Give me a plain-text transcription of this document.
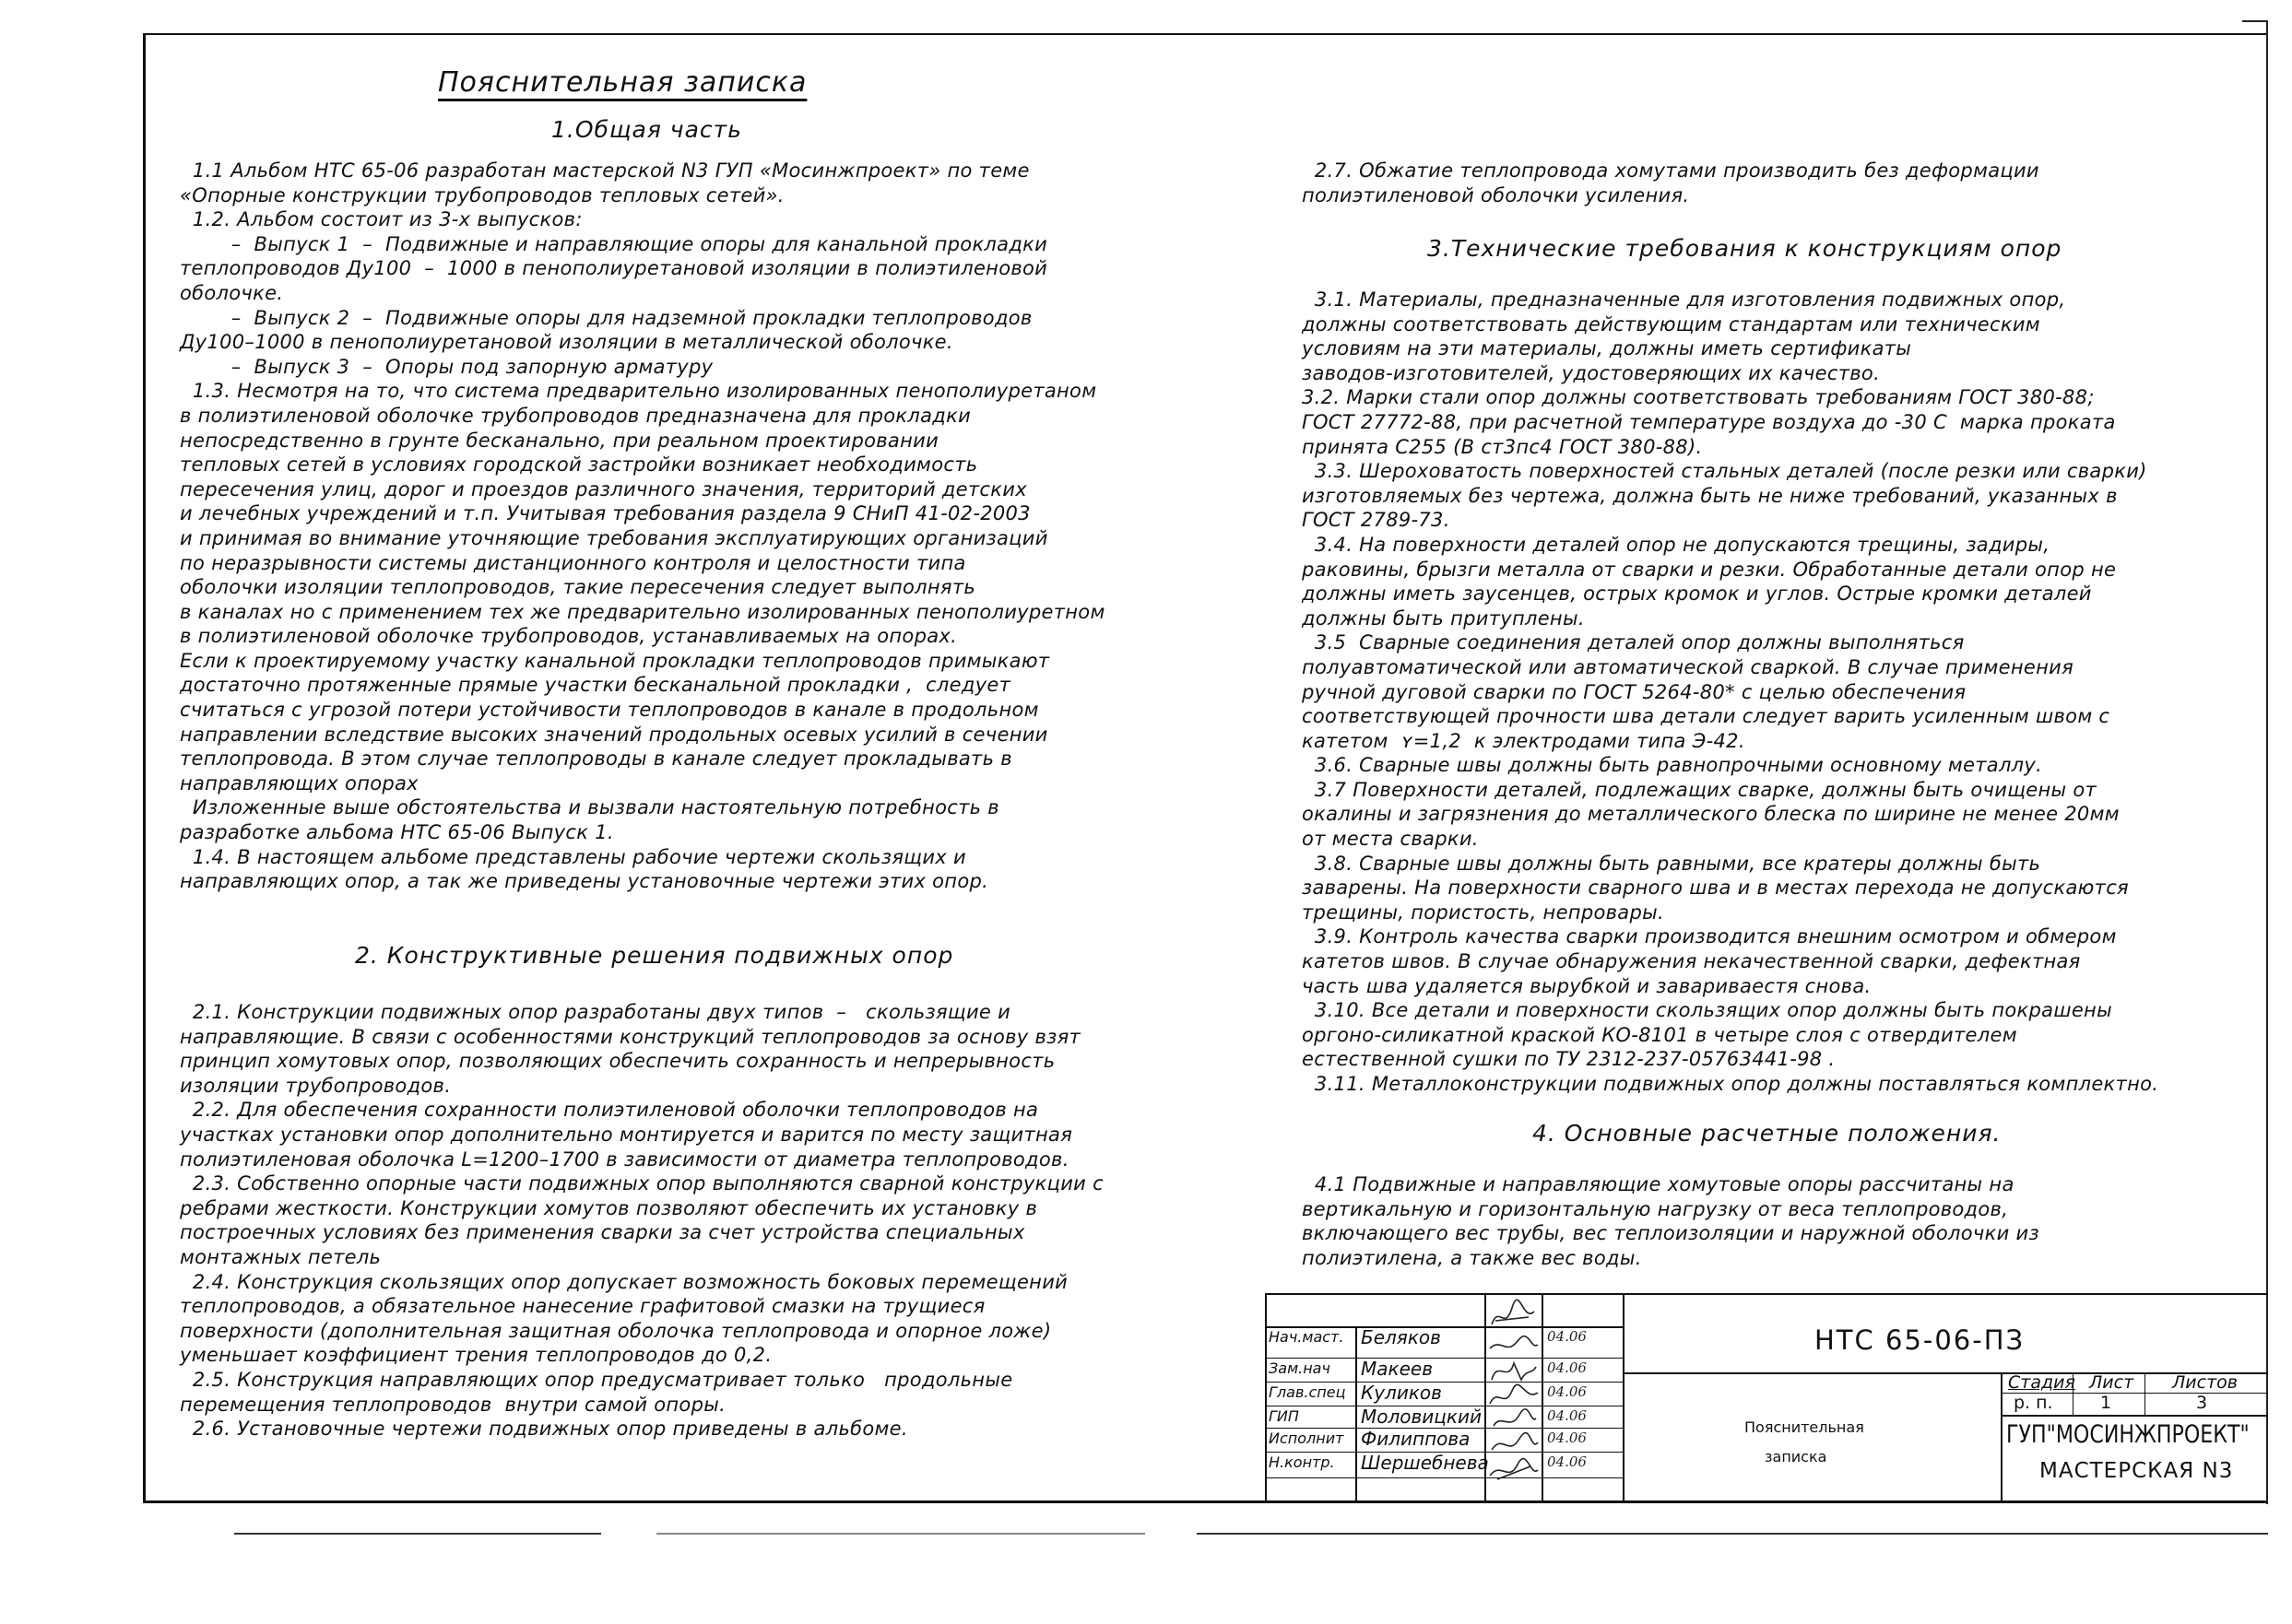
Пояснительная записка
1.Общая часть

1.1 Альбом НТС 65-06 разработан мастерской N3 ГУП «Мосинжпроект» по теме

«Опорные конструкции трубопроводов тепловых сетей».

1.2. Альбом состоит из 3-х выпусков:

–  Выпуск 1  –  Подвижные и направляющие опоры для канальной прокладки

теплопроводов Ду100  –  1000 в пенополиуретановой изоляции в полиэтиленовой

оболочке.

–  Выпуск 2  –  Подвижные опоры для надземной прокладки теплопроводов

Ду100–1000 в пенополиуретановой изоляции в металлической оболочке.

–  Выпуск 3  –  Опоры под запорную арматуру

1.3. Несмотря на то, что система предварительно изолированных пенополиуретаном

в полиэтиленовой оболочке трубопроводов предназначена для прокладки

непосредственно в грунте бесканально, при реальном проектировании

тепловых сетей в условиях городской застройки возникает необходимость

пересечения улиц, дорог и проездов различного значения, территорий детских

и лечебных учреждений и т.п. Учитывая требования раздела 9 СНиП 41-02-2003

и принимая во внимание уточняющие требования эксплуатирующих организаций

по неразрывности системы дистанционного контроля и целостности типа

оболочки изоляции теплопроводов, такие пересечения следует выполнять

в каналах но с применением тех же предварительно изолированных пенополиуретном

в полиэтиленовой оболочке трубопроводов, устанавливаемых на опорах.

Если к проектируемому участку канальной прокладки теплопроводов примыкают

достаточно протяженные прямые участки бесканальной прокладки ,  следует

считаться с угрозой потери устойчивости теплопроводов в канале в продольном

направлении вследствие высоких значений продольных осевых усилий в сечении

теплопровода. В этом случае теплопроводы в канале следует прокладывать в

направляющих опорах

Изложенные выше обстоятельства и вызвали настоятельную потребность в

разработке альбома НТС 65-06 Выпуск 1.

1.4. В настоящем альбоме представлены рабочие чертежи скользящих и

направляющих опор, а так же приведены установочные чертежи этих опор.

2. Конструктивные решения подвижных опор

2.1. Конструкции подвижных опор разработаны двух типов  –   скользящие и

направляющие. В связи с особенностями конструкций теплопроводов за основу взят

принцип хомутовых опор, позволяющих обеспечить сохранность и непрерывность

изоляции трубопроводов.

2.2. Для обеспечения сохранности полиэтиленовой оболочки теплопроводов на

участках установки опор дополнительно монтируется и варится по месту защитная

полиэтиленовая оболочка L=1200–1700 в зависимости от диаметра теплопроводов.

2.3. Собственно опорные части подвижных опор выполняются сварной конструкции с

ребрами жесткости. Конструкции хомутов позволяют обеспечить их установку в

построечных условиях без применения сварки за счет устройства специальных

монтажных петель

2.4. Конструкция скользящих опор допускает возможность боковых перемещений

теплопроводов, а обязательное нанесение графитовой смазки на трущиеся

поверхности (дополнительная защитная оболочка теплопровода и опорное ложе)

уменьшает коэффициент трения теплопроводов до 0,2.

2.5. Конструкция направляющих опор предусматривает только   продольные

перемещения теплопроводов  внутри самой опоры.

2.6. Установочные чертежи подвижных опор приведены в альбоме.

2.7. Обжатие теплопровода хомутами производить без деформации

полиэтиленовой оболочки усиления.

3.Технические требования к конструкциям опор

3.1. Материалы, предназначенные для изготовления подвижных опор,

должны соответствовать действующим стандартам или техническим

условиям на эти материалы, должны иметь сертификаты

заводов-изготовителей, удостоверяющих их качество.

3.2. Марки стали опор должны соответствовать требованиям ГОСТ 380-88;

ГОСТ 27772-88, при расчетной температуре воздуха до -30 С  марка проката

принята С255 (В ст3пс4 ГОСТ 380-88).

3.3. Шероховатость поверхностей стальных деталей (после резки или сварки)

изготовляемых без чертежа, должна быть не ниже требований, указанных в

ГОСТ 2789-73.

3.4. На поверхности деталей опор не допускаются трещины, задиры,

раковины, брызги металла от сварки и резки. Обработанные детали опор не

должны иметь заусенцев, острых кромок и углов. Острые кромки деталей

должны быть притуплены.

3.5  Сварные соединения деталей опор должны выполняться

полуавтоматической или автоматической сваркой. В случае применения

ручной дуговой сварки по ГОСТ 5264-80* с целью обеспечения

соответствующей прочности шва детали следует варить усиленным швом с

катетом  ʏ=1,2  к электродами типа Э-42.

3.6. Сварные швы должны быть равнопрочными основному металлу.

3.7 Поверхности деталей, подлежащих сварке, должны быть очищены от

окалины и загрязнения до металлического блеска по ширине не менее 20мм

от места сварки.

3.8. Сварные швы должны быть равными, все кратеры должны быть

заварены. На поверхности сварного шва и в местах перехода не допускаются

трещины, пористость, непровары.

3.9. Контроль качества сварки производится внешним осмотром и обмером

катетов швов. В случае обнаружения некачественной сварки, дефектная

часть шва удаляется вырубкой и завариваестя снова.

3.10. Все детали и поверхности скользящих опор должны быть покрашены

оргоно-силикатной краской КО-8101 в четыре слоя с отвердителем

естественной сушки по ТУ 2312-237-05763441-98 .

3.11. Металлоконструкции подвижных опор должны поставляться комплектно.

4. Основные расчетные положения.

4.1 Подвижные и направляющие хомутовые опоры рассчитаны на

вертикальную и горизонтальную нагрузку от веса теплопроводов,

включающего вес трубы, вес теплоизоляции и наружной оболочки из

полиэтилена, а также вес воды.

НТС 65-06-ПЗ
Пояснительная
записка
Стадия Лист Листов
р. п.	1	3
ГУП"МОСИНЖПРОЕКТ"
МАСТЕРСКАЯ N3
Нач.маст. Беляков	04.06
Зам.нач Макеев	04.06
Глав.спец Куликов	04.06
ГИП	Моловицкий	04.06
Исполнит Филиппова	04.06
Н.контр. Шершебнева	04.06
